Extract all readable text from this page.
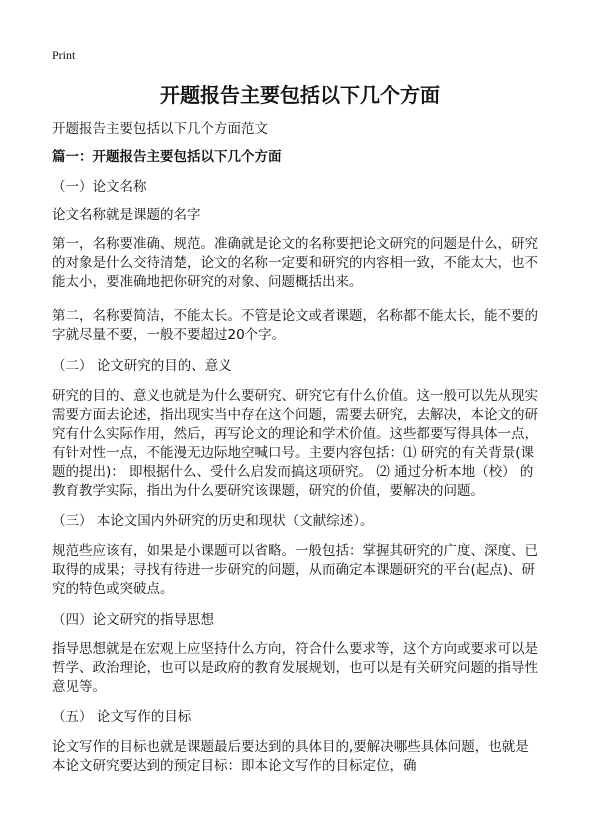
Print
开题报告主要包括以下几个方面
开题报告主要包括以下几个方面范文
篇一：开题报告主要包括以下几个方面
（一）论文名称
论文名称就是课题的名字
第一，名称要准确、规范。准确就是论文的名称要把论文研究的问题是什么，研究
的对象是什么交待清楚，论文的名称一定要和研究的内容相一致，不能太大，也不
能太小，要准确地把你研究的对象、问题概括出来。
第二，名称要简洁，不能太长。不管是论文或者课题，名称都不能太长，能不要的
字就尽量不要，一般不要超过20个字。
（二） 论文研究的目的、意义
研究的目的、意义也就是为什么要研究、研究它有什么价值。这一般可以先从现实
需要方面去论述，指出现实当中存在这个问题，需要去研究，去解决，本论文的研
究有什么实际作用，然后，再写论文的理论和学术价值。这些都要写得具体一点，
有针对性一点，不能漫无边际地空喊口号。主要内容包括：⑴ 研究的有关背景(课
题的提出)： 即根据什么、受什么启发而搞这项研究。 ⑵ 通过分析本地（校） 的
教育教学实际，指出为什么要研究该课题，研究的价值，要解决的问题。
（三） 本论文国内外研究的历史和现状（文献综述）。
规范些应该有，如果是小课题可以省略。一般包括：掌握其研究的广度、深度、已
取得的成果；寻找有待进一步研究的问题，从而确定本课题研究的平台(起点)、研
究的特色或突破点。
（四）论文研究的指导思想
指导思想就是在宏观上应坚持什么方向，符合什么要求等，这个方向或要求可以是
哲学、政治理论，也可以是政府的教育发展规划，也可以是有关研究问题的指导性
意见等。
（五） 论文写作的目标
论文写作的目标也就是课题最后要达到的具体目的,要解决哪些具体问题，也就是
本论文研究要达到的预定目标：即本论文写作的目标定位，确
